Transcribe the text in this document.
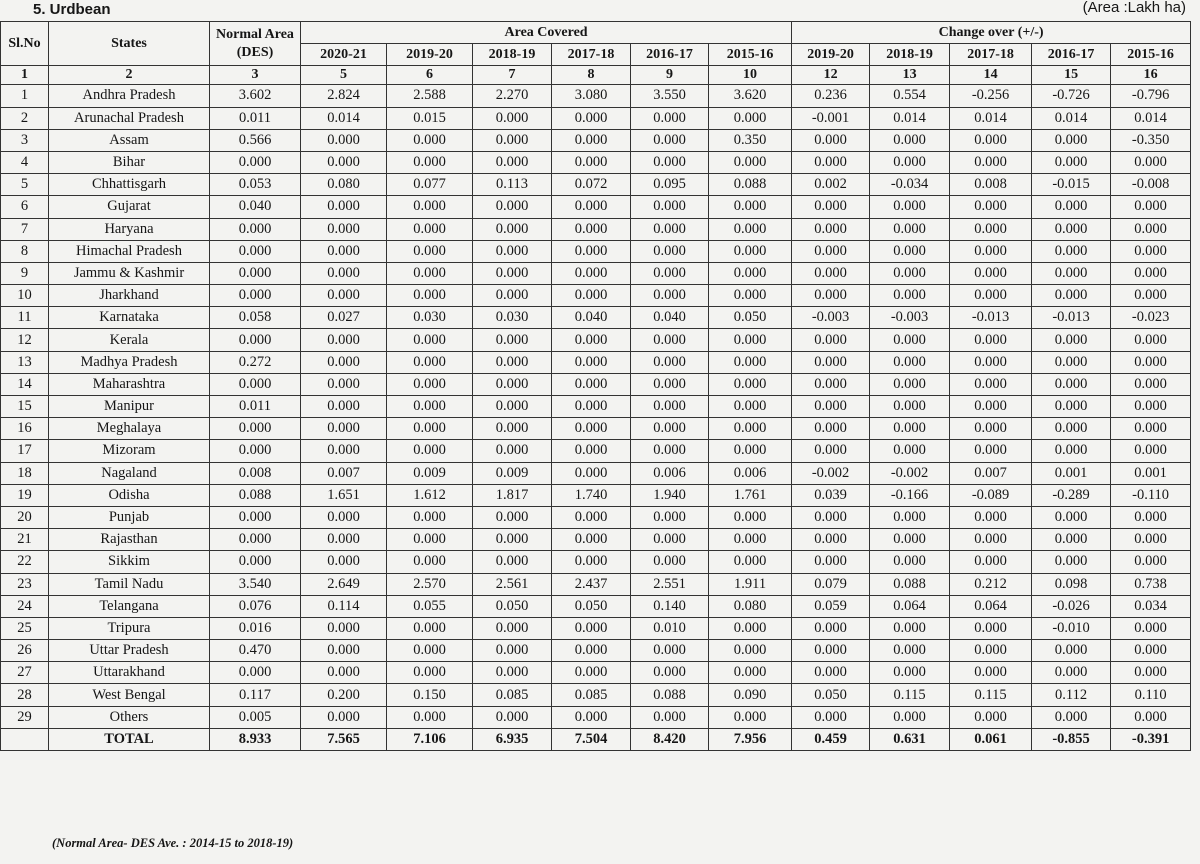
5. Urdbean	(Area :Lakh ha)
Sl.No	States	Normal Area (DES)	Area Covered						Change over (+/-)				
			2020-21	2019-20	2018-19	2017-18	2016-17	2015-16	2019-20	2018-19	2017-18	2016-17	2015-16
1	2	3	5	6	7	8	9	10	12	13	14	15	16
1	Andhra Pradesh	3.602	2.824	2.588	2.270	3.080	3.550	3.620	0.236	0.554	-0.256	-0.726	-0.796
2	Arunachal Pradesh	0.011	0.014	0.015	0.000	0.000	0.000	0.000	-0.001	0.014	0.014	0.014	0.014
3	Assam	0.566	0.000	0.000	0.000	0.000	0.000	0.350	0.000	0.000	0.000	0.000	-0.350
4	Bihar	0.000	0.000	0.000	0.000	0.000	0.000	0.000	0.000	0.000	0.000	0.000	0.000
5	Chhattisgarh	0.053	0.080	0.077	0.113	0.072	0.095	0.088	0.002	-0.034	0.008	-0.015	-0.008
6	Gujarat	0.040	0.000	0.000	0.000	0.000	0.000	0.000	0.000	0.000	0.000	0.000	0.000
7	Haryana	0.000	0.000	0.000	0.000	0.000	0.000	0.000	0.000	0.000	0.000	0.000	0.000
8	Himachal Pradesh	0.000	0.000	0.000	0.000	0.000	0.000	0.000	0.000	0.000	0.000	0.000	0.000
9	Jammu & Kashmir	0.000	0.000	0.000	0.000	0.000	0.000	0.000	0.000	0.000	0.000	0.000	0.000
10	Jharkhand	0.000	0.000	0.000	0.000	0.000	0.000	0.000	0.000	0.000	0.000	0.000	0.000
11	Karnataka	0.058	0.027	0.030	0.030	0.040	0.040	0.050	-0.003	-0.003	-0.013	-0.013	-0.023
12	Kerala	0.000	0.000	0.000	0.000	0.000	0.000	0.000	0.000	0.000	0.000	0.000	0.000
13	Madhya Pradesh	0.272	0.000	0.000	0.000	0.000	0.000	0.000	0.000	0.000	0.000	0.000	0.000
14	Maharashtra	0.000	0.000	0.000	0.000	0.000	0.000	0.000	0.000	0.000	0.000	0.000	0.000
15	Manipur	0.011	0.000	0.000	0.000	0.000	0.000	0.000	0.000	0.000	0.000	0.000	0.000
16	Meghalaya	0.000	0.000	0.000	0.000	0.000	0.000	0.000	0.000	0.000	0.000	0.000	0.000
17	Mizoram	0.000	0.000	0.000	0.000	0.000	0.000	0.000	0.000	0.000	0.000	0.000	0.000
18	Nagaland	0.008	0.007	0.009	0.009	0.000	0.006	0.006	-0.002	-0.002	0.007	0.001	0.001
19	Odisha	0.088	1.651	1.612	1.817	1.740	1.940	1.761	0.039	-0.166	-0.089	-0.289	-0.110
20	Punjab	0.000	0.000	0.000	0.000	0.000	0.000	0.000	0.000	0.000	0.000	0.000	0.000
21	Rajasthan	0.000	0.000	0.000	0.000	0.000	0.000	0.000	0.000	0.000	0.000	0.000	0.000
22	Sikkim	0.000	0.000	0.000	0.000	0.000	0.000	0.000	0.000	0.000	0.000	0.000	0.000
23	Tamil Nadu	3.540	2.649	2.570	2.561	2.437	2.551	1.911	0.079	0.088	0.212	0.098	0.738
24	Telangana	0.076	0.114	0.055	0.050	0.050	0.140	0.080	0.059	0.064	0.064	-0.026	0.034
25	Tripura	0.016	0.000	0.000	0.000	0.000	0.010	0.000	0.000	0.000	0.000	-0.010	0.000
26	Uttar Pradesh	0.470	0.000	0.000	0.000	0.000	0.000	0.000	0.000	0.000	0.000	0.000	0.000
27	Uttarakhand	0.000	0.000	0.000	0.000	0.000	0.000	0.000	0.000	0.000	0.000	0.000	0.000
28	West Bengal	0.117	0.200	0.150	0.085	0.085	0.088	0.090	0.050	0.115	0.115	0.112	0.110
29	Others	0.005	0.000	0.000	0.000	0.000	0.000	0.000	0.000	0.000	0.000	0.000	0.000
	TOTAL	8.933	7.565	7.106	6.935	7.504	8.420	7.956	0.459	0.631	0.061	-0.855	-0.391
(Normal Area- DES Ave. : 2014-15 to 2018-19)
